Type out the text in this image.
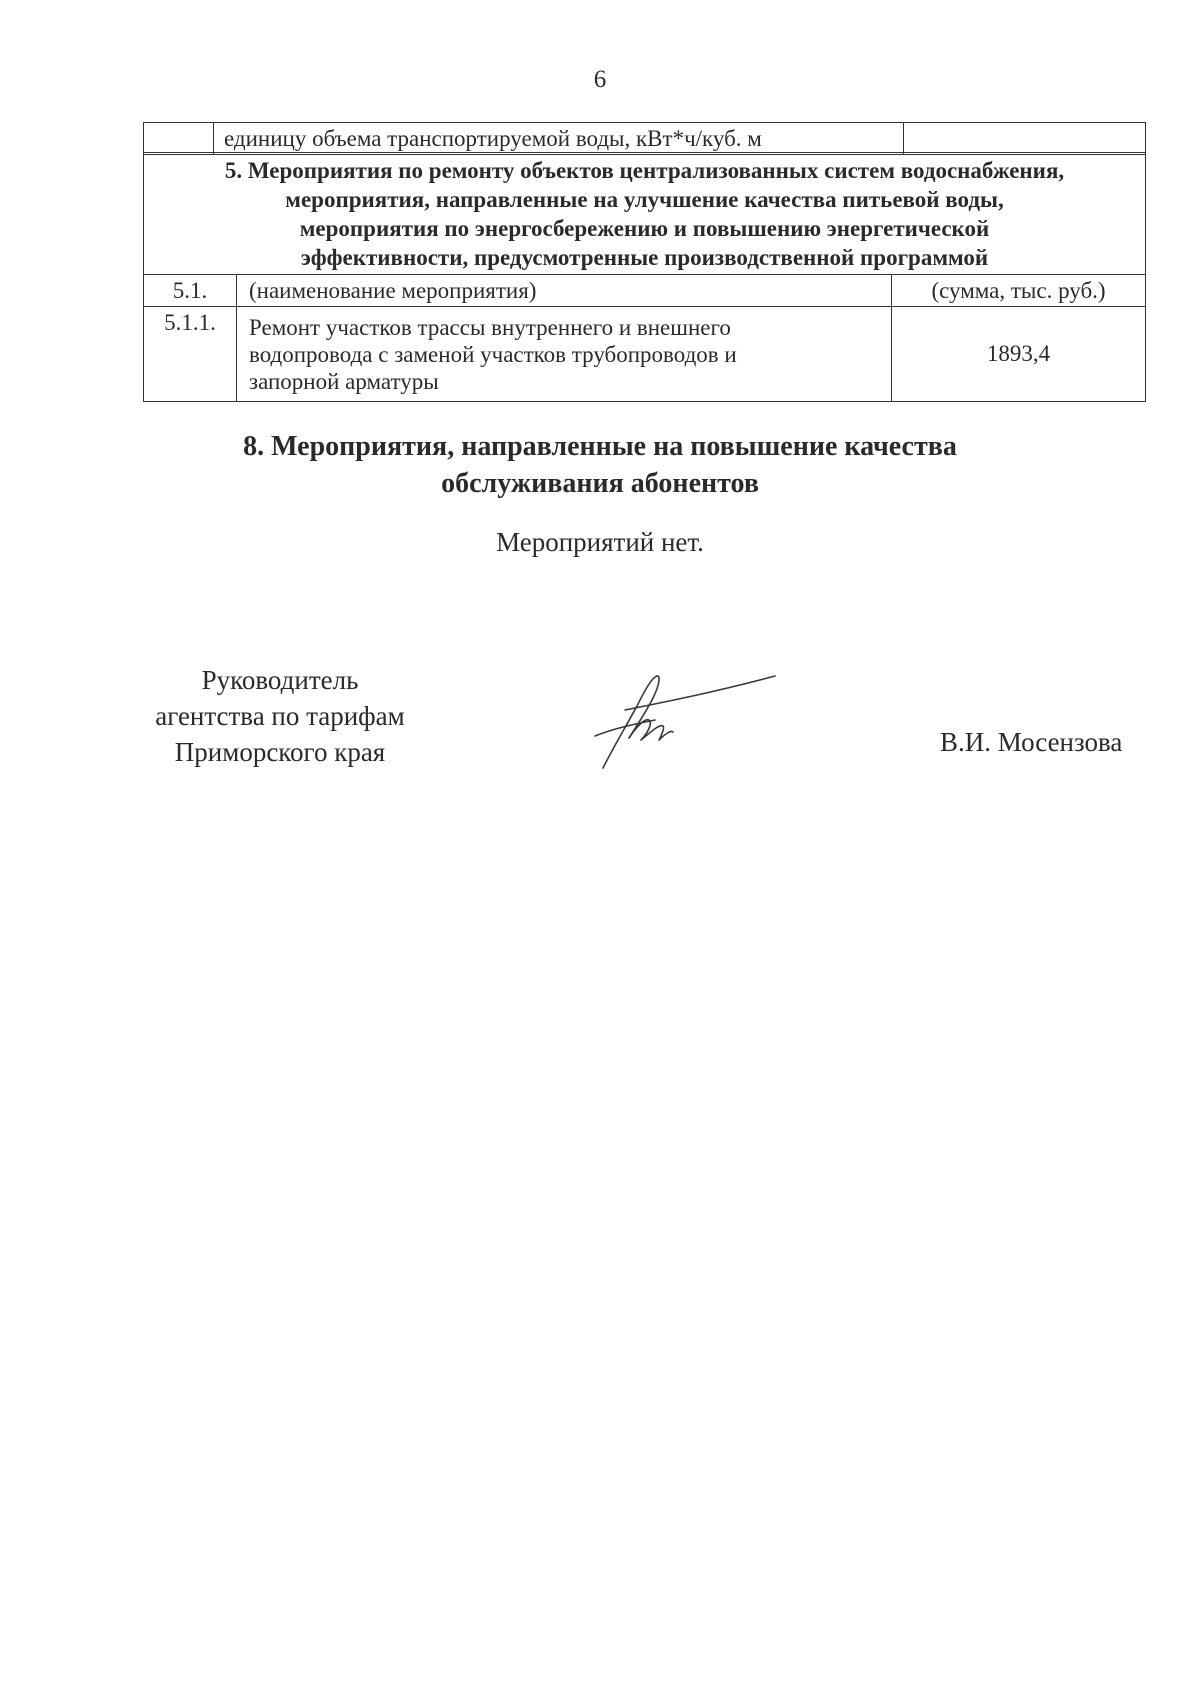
6
	единицу объема транспортируемой воды, кВт*ч/куб. м	
5. Мероприятия по ремонту объектов централизованных систем водоснабжения,
мероприятия, направленные на улучшение качества питьевой воды,
мероприятия по энергосбережению и повышению энергетической
эффективности, предусмотренные производственной программой		

5.1.	(наименование мероприятия)	(сумма, тыс. руб.)
5.1.1.	Ремонт участков трассы внутреннего и внешнего
водопровода с заменой участков трубопроводов и
запорной арматуры	1893,4
8. Мероприятия, направленные на повышение качества
обслуживания абонентов
Мероприятий нет.
Руководитель
агентства по тарифам
Приморского края	В.И. Мосензова
